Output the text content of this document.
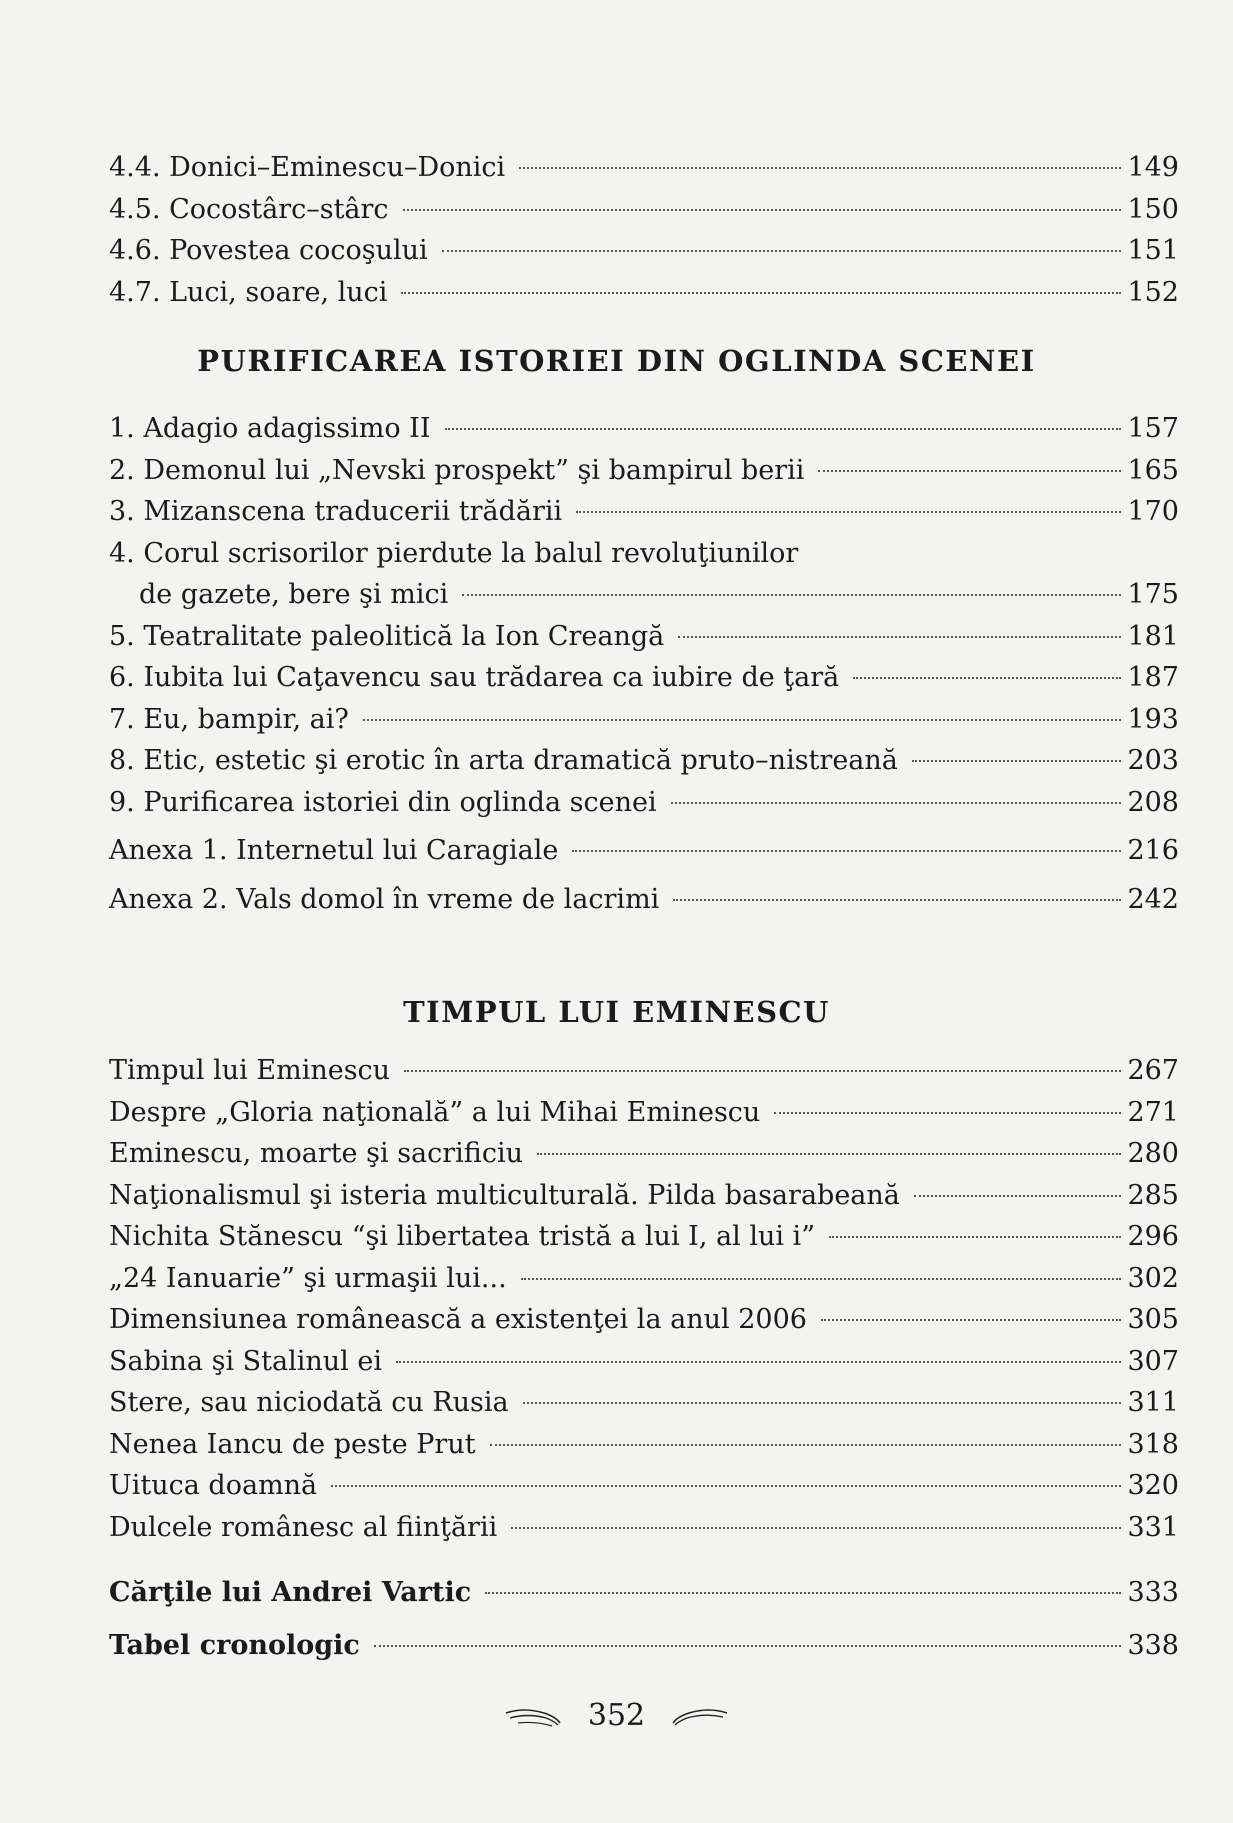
4.4. Donici–Eminescu–Donici	149
4.5. Cocostârc–stârc	150
4.6. Povestea cocoşului	151
4.7. Luci, soare, luci	152
PURIFICAREA ISTORIEI DIN OGLINDA SCENEI
1. Adagio adagissimo II	157
2. Demonul lui „Nevski prospekt” şi bampirul berii	165
3. Mizanscena traducerii trădării	170
4. Corul scrisorilor pierdute la balul revoluţiunilor
de gazete, bere şi mici	175
5. Teatralitate paleolitică la Ion Creangă	181
6. Iubita lui Caţavencu sau trădarea ca iubire de ţară	187
7. Eu, bampir, ai?	193
8. Etic, estetic şi erotic în arta dramatică pruto–nistreană	203
9. Purificarea istoriei din oglinda scenei	208
Anexa 1. Internetul lui Caragiale	216
Anexa 2. Vals domol în vreme de lacrimi	242
TIMPUL LUI EMINESCU
Timpul lui Eminescu	267
Despre „Gloria naţională” a lui Mihai Eminescu	271
Eminescu, moarte şi sacrificiu	280
Naţionalismul şi isteria multiculturală. Pilda basarabeană	285
Nichita Stănescu “şi libertatea tristă a lui I, al lui i”	296
„24 Ianuarie” şi urmaşii lui...	302
Dimensiunea românească a existenţei la anul 2006	305
Sabina şi Stalinul ei	307
Stere, sau niciodată cu Rusia	311
Nenea Iancu de peste Prut	318
Uituca doamnă	320
Dulcele românesc al fiinţării	331
Cărţile lui Andrei Vartic	333
Tabel cronologic	338
352
